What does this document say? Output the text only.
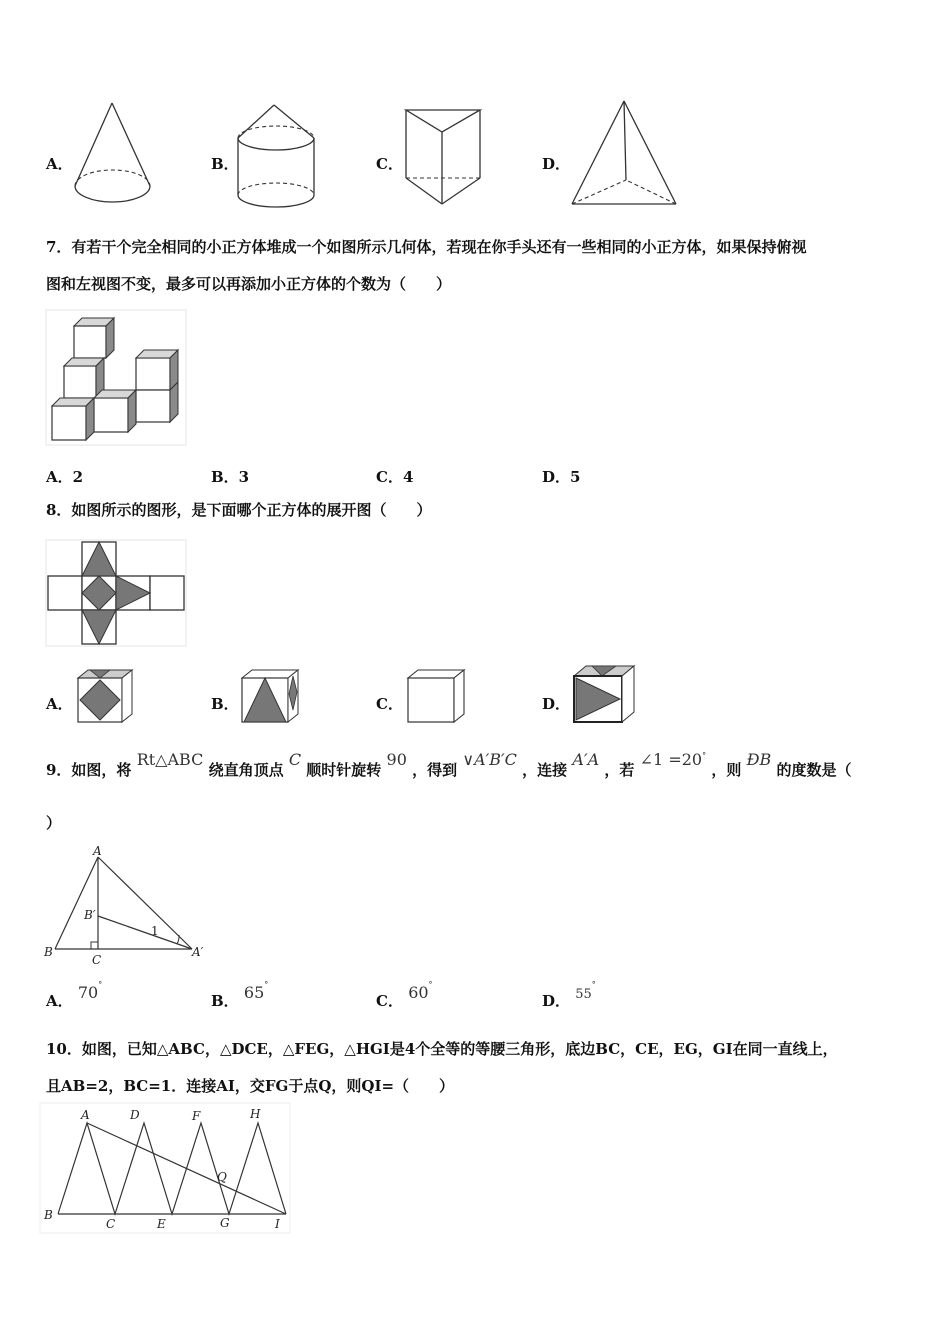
A．	B．	C．	D．
7．有若干个完全相同的小正方体堆成一个如图所示几何体，若现在你手头还有一些相同的小正方体，如果保持俯视
图和左视图不变，最多可以再添加小正方体的个数为（　　）
A．2	B．3	C．4	D．5
8．如图所示的图形，是下面哪个正方体的展开图（　　）
A．	B．	C．	D．
9．如图，将 Rt△ABC 绕直角顶点 C 顺时针旋转 90 ，得到 ∨A′B′C ，连接 A′A ，若 ∠1 =20° ，则 ÐB 的度数是（
）
A
B
C
B′
A′
1
A． 70°
B． 65°
C． 60°
D． 55°
10．如图，已知△ABC，△DCE，△FEG，△HGI是4个全等的等腰三角形，底边BC，CE，EG，GI在同一直线上，
且AB=2，BC=1．连接AI，交FG于点Q，则QI=（　　）
A	D	F	H
B
C	E	G	I
Q
